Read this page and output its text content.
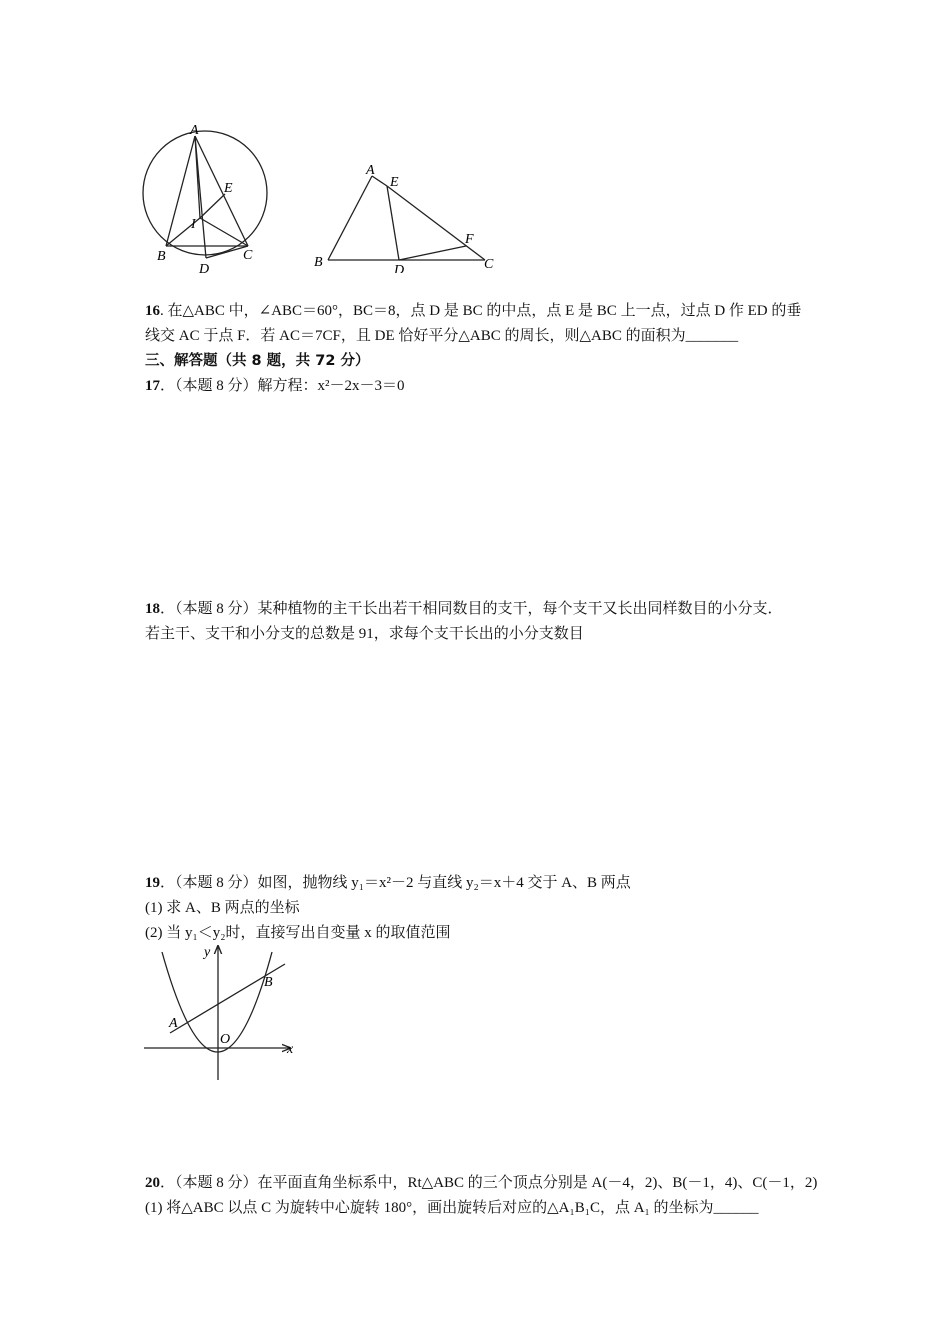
A
E
I
B
D
C
A
E
F
B
D	C
16. 在△ABC 中，∠ABC＝60°，BC＝8，点 D 是 BC 的中点，点 E 是 BC 上一点，过点 D 作 ED 的垂
线交 AC 于点 F．若 AC＝7CF，且 DE 恰好平分△ABC 的周长，则△ABC 的面积为_______
三、解答题（共 8 题，共 72 分）
17．（本题 8 分）解方程：x²－2x－3＝0
18．（本题 8 分）某种植物的主干长出若干相同数目的支干，每个支干又长出同样数目的小分支．
若主干、支干和小分支的总数是 91，求每个支干长出的小分支数目
19．（本题 8 分）如图，抛物线 y₁＝x²－2 与直线 y₂＝x＋4 交于 A、B 两点
(1) 求 A、B 两点的坐标
(2) 当 y₁＜y₂时，直接写出自变量 x 的取值范围
y
B
A
O
x
20．（本题 8 分）在平面直角坐标系中，Rt△ABC 的三个顶点分别是 A(－4，2)、B(－1，4)、C(－1，2)
(1) 将△ABC 以点 C 为旋转中心旋转 180°，画出旋转后对应的△A₁B₁C，点 A₁ 的坐标为______
